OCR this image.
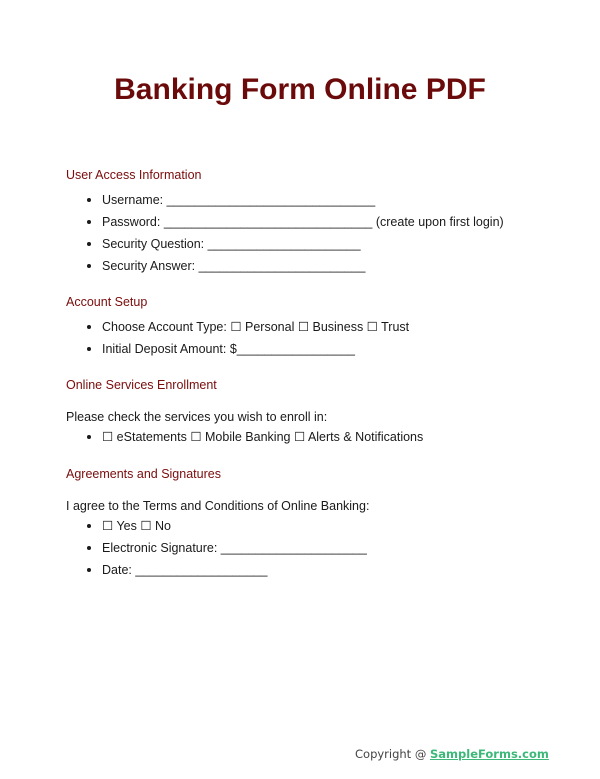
Banking Form Online PDF
User Access Information
Username: ______________________________
Password: ______________________________ (create upon first login)
Security Question: ______________________
Security Answer: ________________________
Account Setup
Choose Account Type: ☐ Personal ☐ Business ☐ Trust
Initial Deposit Amount: $_________________
Online Services Enrollment

Please check the services you wish to enroll in:

☐ eStatements ☐ Mobile Banking ☐ Alerts & Notifications
Agreements and Signatures

I agree to the Terms and Conditions of Online Banking:

☐ Yes ☐ No
Electronic Signature: _____________________
Date: ___________________
Copyright @ SampleForms.com
